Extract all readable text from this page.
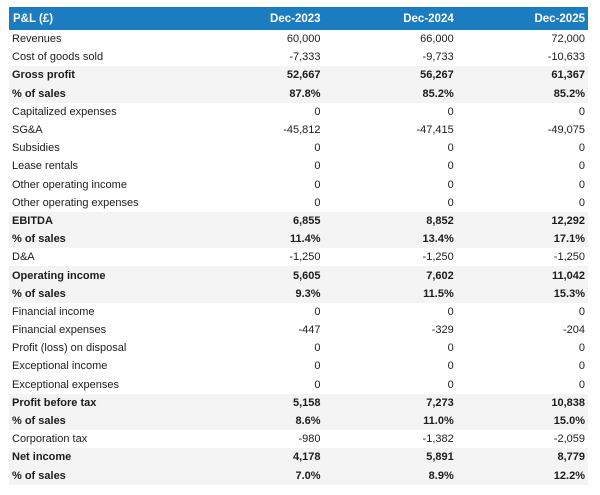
P&L (£)	Dec-2023	Dec-2024	Dec-2025
Revenues	60,000	66,000	72,000
Cost of goods sold	-7,333	-9,733	-10,633
Gross profit	52,667	56,267	61,367
% of sales	87.8%	85.2%	85.2%
Capitalized expenses	0	0	0
SG&A	-45,812	-47,415	-49,075
Subsidies	0	0	0
Lease rentals	0	0	0
Other operating income	0	0	0
Other operating expenses	0	0	0
EBITDA	6,855	8,852	12,292
% of sales	11.4%	13.4%	17.1%
D&A	-1,250	-1,250	-1,250
Operating income	5,605	7,602	11,042
% of sales	9.3%	11.5%	15.3%
Financial income	0	0	0
Financial expenses	-447	-329	-204
Profit (loss) on disposal	0	0	0
Exceptional income	0	0	0
Exceptional expenses	0	0	0
Profit before tax	5,158	7,273	10,838
% of sales	8.6%	11.0%	15.0%
Corporation tax	-980	-1,382	-2,059
Net income	4,178	5,891	8,779
% of sales	7.0%	8.9%	12.2%
